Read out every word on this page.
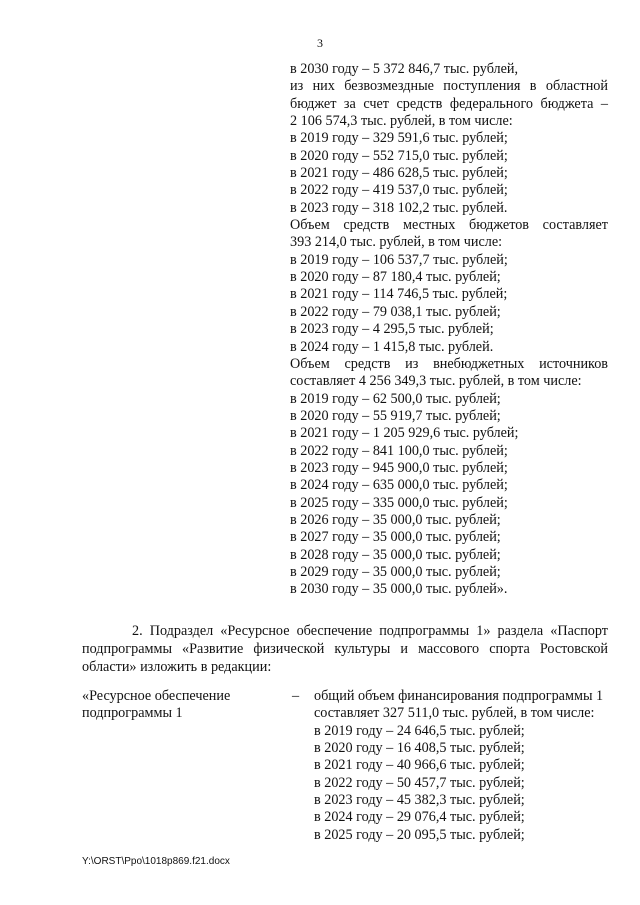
3
в 2030 году – 5 372 846,7 тыс. рублей,
из них безвозмездные поступления в областной
бюджет за счет средств федерального бюджета –
2 106 574,3 тыс. рублей, в том числе:
в 2019 году – 329 591,6 тыс. рублей;
в 2020 году – 552 715,0 тыс. рублей;
в 2021 году – 486 628,5 тыс. рублей;
в 2022 году – 419 537,0 тыс. рублей;
в 2023 году – 318 102,2 тыс. рублей.
Объем средств местных бюджетов составляет
393 214,0 тыс. рублей, в том числе:
в 2019 году – 106 537,7 тыс. рублей;
в 2020 году – 87 180,4 тыс. рублей;
в 2021 году – 114 746,5 тыс. рублей;
в 2022 году – 79 038,1 тыс. рублей;
в 2023 году – 4 295,5 тыс. рублей;
в 2024 году – 1 415,8 тыс. рублей.
Объем средств из внебюджетных источников
составляет 4 256 349,3 тыс. рублей, в том числе:
в 2019 году – 62 500,0 тыс. рублей;
в 2020 году – 55 919,7 тыс. рублей;
в 2021 году – 1 205 929,6 тыс. рублей;
в 2022 году – 841 100,0 тыс. рублей;
в 2023 году – 945 900,0 тыс. рублей;
в 2024 году – 635 000,0 тыс. рублей;
в 2025 году – 335 000,0 тыс. рублей;
в 2026 году – 35 000,0 тыс. рублей;
в 2027 году – 35 000,0 тыс. рублей;
в 2028 году – 35 000,0 тыс. рублей;
в 2029 году – 35 000,0 тыс. рублей;
в 2030 году – 35 000,0 тыс. рублей».
2. Подраздел «Ресурсное обеспечение подпрограммы 1» раздела «Паспорт
подпрограммы «Развитие физической культуры и массового спорта Ростовской
области» изложить в редакции:
«Ресурсное обеспечение
подпрограммы 1
– общий объем финансирования подпрограммы 1
составляет 327 511,0 тыс. рублей, в том числе:
в 2019 году – 24 646,5 тыс. рублей;
в 2020 году – 16 408,5 тыс. рублей;
в 2021 году – 40 966,6 тыс. рублей;
в 2022 году – 50 457,7 тыс. рублей;
в 2023 году – 45 382,3 тыс. рублей;
в 2024 году – 29 076,4 тыс. рублей;
в 2025 году – 20 095,5 тыс. рублей;
Y:\ORST\Ppo\1018p869.f21.docx
